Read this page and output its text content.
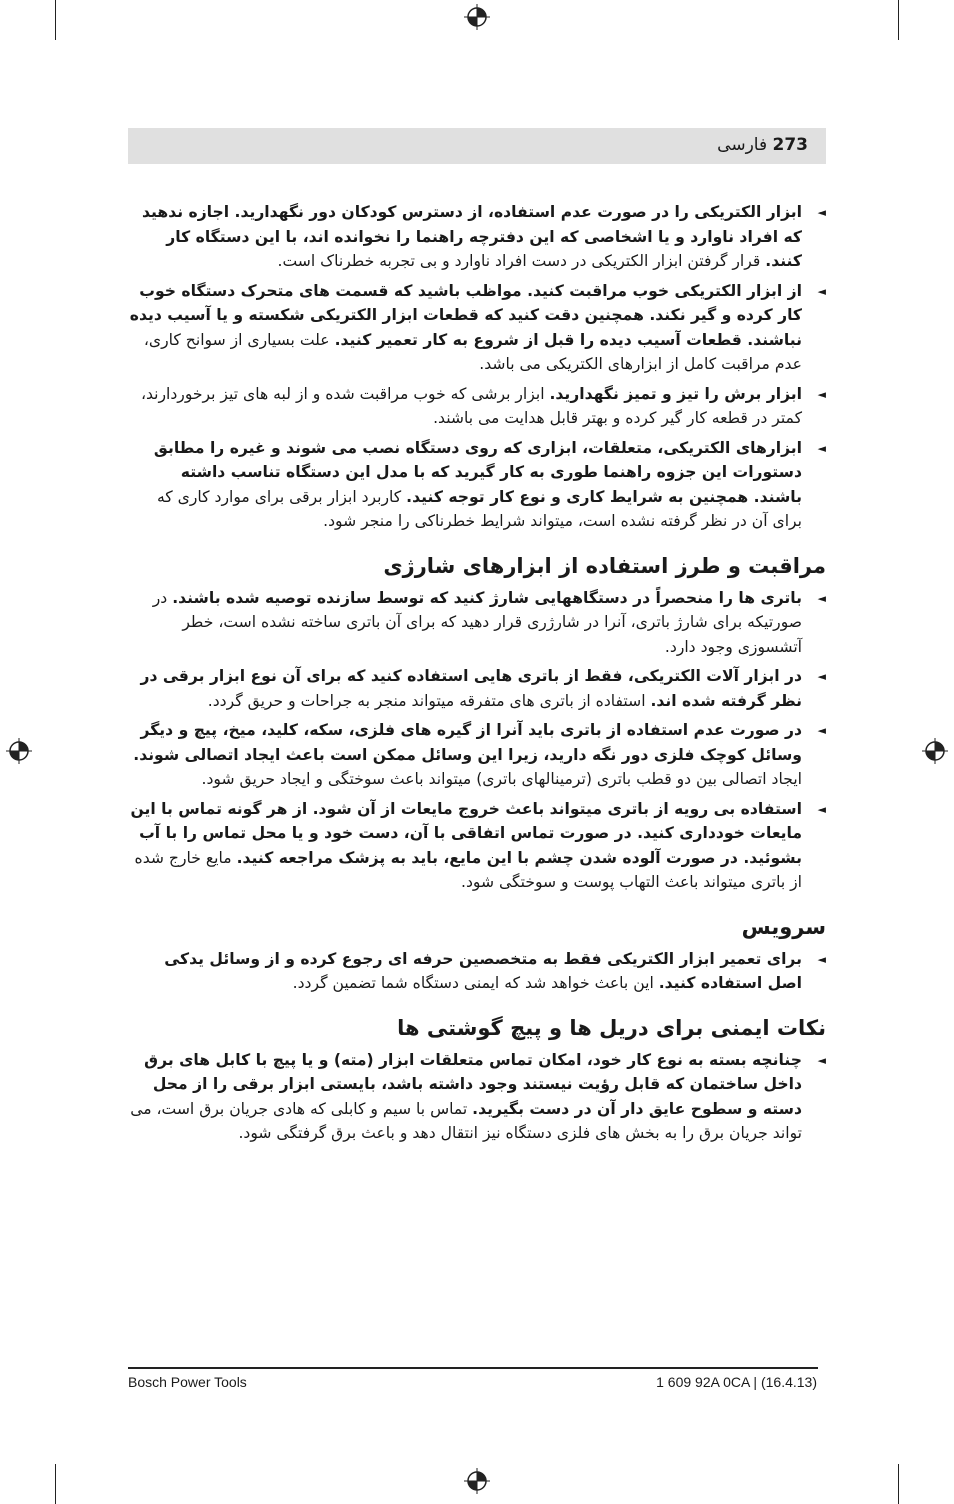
273 فارسی
◄
ابزار الکتریکی را در صورت عدم استفاده، از دسترس کودکان دور نگهدارید. اجازه ندهید که افراد ناوارد و یا اشخاصی که این دفترچه راهنما را نخوانده اند، با این دستگاه کار کنند. قرار گرفتن ابزار الکتریکی در دست افراد ناوارد و بی تجربه خطرناک است.
◄
از ابزار الکتریکی خوب مراقبت کنید. مواظب باشید که قسمت های متحرک دستگاه خوب کار کرده و گیر نکند. همچنین دقت کنید که قطعات ابزار الکتریکی شکسته و یا آسیب دیده نباشند. قطعات آسیب دیده را قبل از شروع به کار تعمیر کنید. علت بسیاری از سوانح کاری، عدم مراقبت کامل از ابزارهای الکتریکی می باشد.
◄
ابزار برش را تیز و تمیز نگهدارید. ابزار برشی که خوب مراقبت شده و از لبه های تیز برخوردارند، کمتر در قطعه کار گیر کرده و بهتر قابل هدایت می باشند.
◄
ابزارهای الکتریکی، متعلقات، ابزاری که روی دستگاه نصب می شوند و غیره را مطابق دستورات این جزوه راهنما طوری به کار گیرید که با مدل این دستگاه تناسب داشته باشند. همچنین به شرایط کاری و نوع کار توجه کنید. کاربرد ابزار برقی برای موارد کاری که برای آن در نظر گرفته نشده است، میتواند شرایط خطرناکی را منجر شود.
مراقبت و طرز استفاده از ابزارهای شارژی
◄
باتری ها را منحصراً در دستگاههایی شارژ کنید که توسط سازنده توصیه شده باشند. در صورتیکه برای شارژ باتری، آنرا در شارژری قرار دهید که برای آن باتری ساخته نشده است، خطر آتشسوزی وجود دارد.
◄
در ابزار آلات الکتریکی، فقط از باتری هایی استفاده کنید که برای آن نوع ابزار برقی در نظر گرفته شده اند. استفاده از باتری های متفرقه میتواند منجر به جراحات و حریق گردد.
◄
در صورت عدم استفاده از باتری باید آنرا از گیره های فلزی، سکه، کلید، میخ، پیچ و دیگر وسائل کوچک فلزی دور نگه دارید، زیرا این وسائل ممکن است باعث ایجاد اتصالی شوند. ایجاد اتصالی بین دو قطب باتری (ترمینالهای باتری) میتواند باعث سوختگی و ایجاد حریق شود.
◄
استفاده بی رویه از باتری میتواند باعث خروج مایعات از آن شود. از هر گونه تماس با این مایعات خودداری کنید. در صورت تماس اتفاقی با آن، دست خود و یا محل تماس را با آب بشوئید. در صورت آلوده شدن چشم با این مایع، باید به پزشک مراجعه کنید. مایع خارج شده از باتری میتواند باعث التهاب پوست و سوختگی شود.
سرویس
◄
برای تعمیر ابزار الکتریکی فقط به متخصصین حرفه ای رجوع کرده و از وسائل یدکی اصل استفاده کنید. این باعث خواهد شد که ایمنی دستگاه شما تضمین گردد.
نکات ایمنی برای دریل ها و پیچ گوشتی ها
◄
چنانچه بسته به نوع کار خود، امکان تماس متعلقات ابزار (مته) و یا پیچ با کابل های برق داخل ساختمان که قابل رؤیت نیستند وجود داشته باشد، بایستی ابزار برقی را از محل دسته و سطوح عایق دار آن در دست بگیرید. تماس با سیم و کابلی که هادی جریان برق است، می تواند جریان برق را به بخش های فلزی دستگاه نیز انتقال دهد و باعث برق گرفتگی شود.
Bosch Power Tools	1 609 92A 0CA | (16.4.13)
